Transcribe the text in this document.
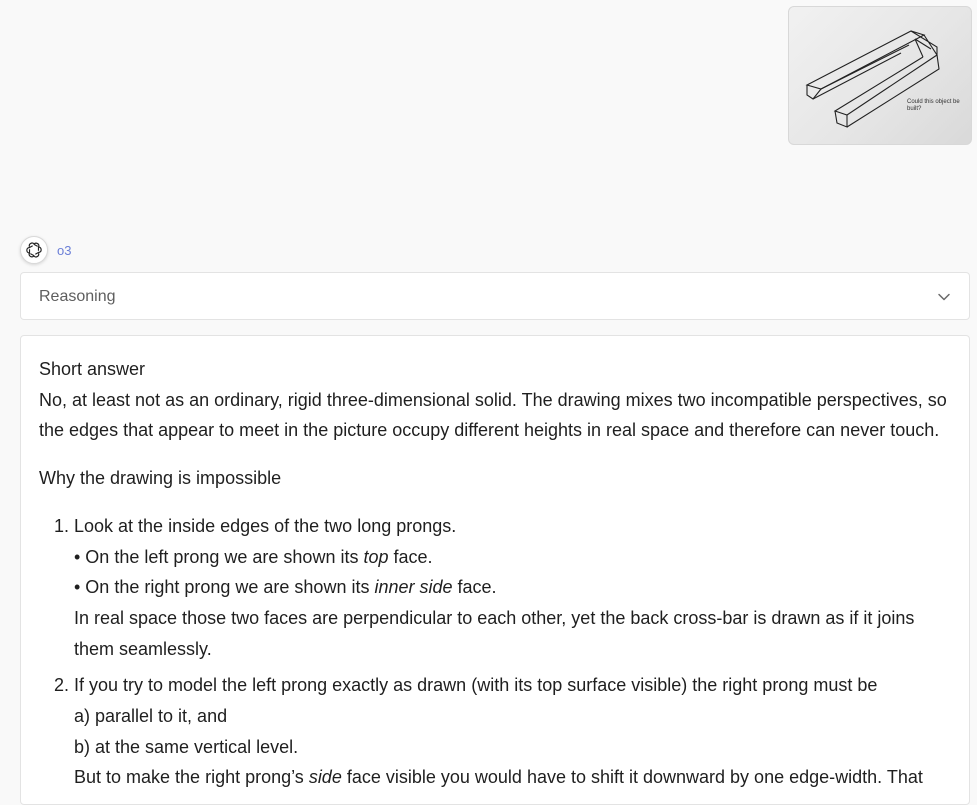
Could this object be built?
o3
Reasoning

Short answer

No, at least not as an ordinary, rigid three-dimensional solid. The drawing mixes two incompatible perspectives, so the edges that appear to meet in the picture occupy different heights in real space and therefore can never touch.

Why the drawing is impossible

1. Look at the inside edges of the two long prongs.
• On the left prong we are shown its top face.
• On the right prong we are shown its inner side face.
In real space those two faces are perpendicular to each other, yet the back cross-bar is drawn as if it joins them seamlessly.
2. If you try to model the left prong exactly as drawn (with its top surface visible) the right prong must be
a) parallel to it, and
b) at the same vertical level.
But to make the right prong’s side face visible you would have to shift it downward by one edge-width. That
